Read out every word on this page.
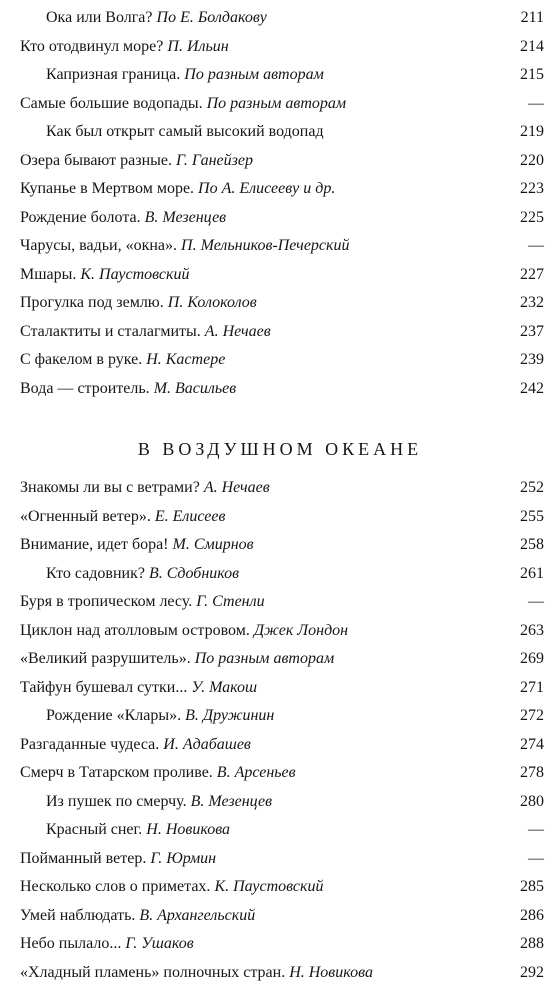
Ока или Волга? По Е. Болдакову	211
Кто отодвинул море? П. Ильин	214
Капризная граница. По разным авторам	215
Самые большие водопады. По разным авторам	—
Как был открыт самый высокий водопад	219
Озера бывают разные. Г. Ганейзер	220
Купанье в Мертвом море. По А. Елисееву и др.	223
Рождение болота. В. Мезенцев	225
Чарусы, вадьи, «окна». П. Мельников-Печерский	—
Мшары. К. Паустовский	227
Прогулка под землю. П. Колоколов	232
Сталактиты и сталагмиты. А. Нечаев	237
С факелом в руке. Н. Кастере	239
Вода — строитель. М. Васильев	242
В ВОЗДУШНОМ ОКЕАНЕ
Знакомы ли вы с ветрами? А. Нечаев	252
«Огненный ветер». Е. Елисеев	255
Внимание, идет бора! М. Смирнов	258
Кто садовник? В. Сдобников	261
Буря в тропическом лесу. Г. Стенли	—
Циклон над атолловым островом. Джек Лондон	263
«Великий разрушитель». По разным авторам	269
Тайфун бушевал сутки... У. Макош	271
Рождение «Клары». В. Дружинин	272
Разгаданные чудеса. И. Адабашев	274
Смерч в Татарском проливе. В. Арсеньев	278
Из пушек по смерчу. В. Мезенцев	280
Красный снег. Н. Новикова	—
Пойманный ветер. Г. Юрмин	—
Несколько слов о приметах. К. Паустовский	285
Умей наблюдать. В. Архангельский	286
Небо пылало... Г. Ушаков	288
«Хладный пламень» полночных стран. Н. Новикова	292
